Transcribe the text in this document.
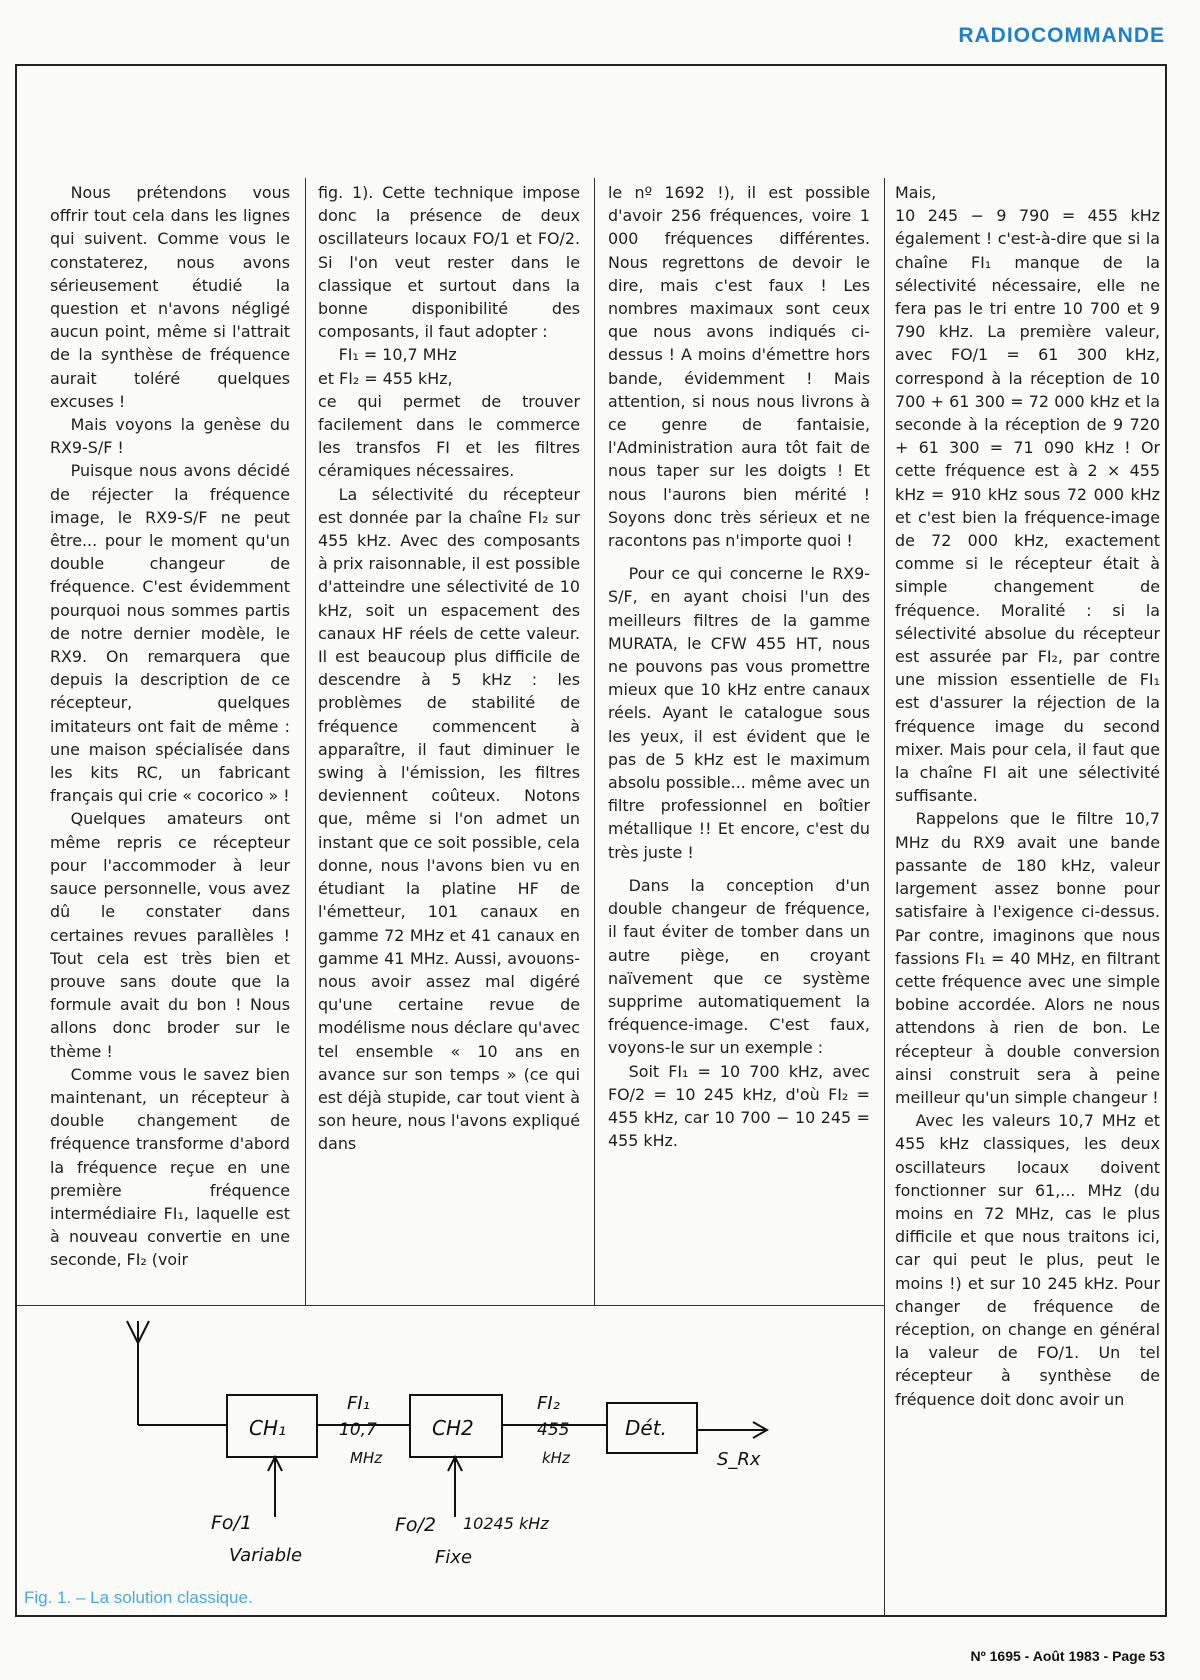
RADIOCOMMANDE

Nous prétendons vous offrir tout cela dans les lignes qui suivent. Comme vous le constaterez, nous avons sérieusement étudié la question et n'avons négligé aucun point, même si l'attrait de la synthèse de fréquence aurait toléré quelques excuses !

Mais voyons la genèse du RX9-S/F !

Puisque nous avons décidé de réjecter la fréquence image, le RX9-S/F ne peut être... pour le moment qu'un double changeur de fréquence. C'est évidemment pourquoi nous sommes partis de notre dernier modèle, le RX9. On remarquera que depuis la description de ce récepteur, quelques imitateurs ont fait de même : une maison spécialisée dans les kits RC, un fabricant français qui crie « cocorico » !

Quelques amateurs ont même repris ce récepteur pour l'accommoder à leur sauce personnelle, vous avez dû le constater dans certaines revues parallèles ! Tout cela est très bien et prouve sans doute que la formule avait du bon ! Nous allons donc broder sur le thème !

Comme vous le savez bien maintenant, un récepteur à double changement de fréquence transforme d'abord la fréquence reçue en une première fréquence intermédiaire FI₁, laquelle est à nouveau convertie en une seconde, FI₂ (voir

fig. 1). Cette technique impose donc la présence de deux oscillateurs locaux FO/1 et FO/2. Si l'on veut rester dans le classique et surtout dans la bonne disponibilité des composants, il faut adopter :

FI₁ = 10,7 MHz

et FI₂ = 455 kHz,

ce qui permet de trouver facilement dans le commerce les transfos FI et les filtres céramiques nécessaires.

La sélectivité du récepteur est donnée par la chaîne FI₂ sur 455 kHz. Avec des composants à prix raisonnable, il est possible d'atteindre une sélectivité de 10 kHz, soit un espacement des canaux HF réels de cette valeur. Il est beaucoup plus difficile de descendre à 5 kHz : les problèmes de stabilité de fréquence commencent à apparaître, il faut diminuer le swing à l'émission, les filtres deviennent coûteux. Notons que, même si l'on admet un instant que ce soit possible, cela donne, nous l'avons bien vu en étudiant la platine HF de l'émetteur, 101 canaux en gamme 72 MHz et 41 canaux en gamme 41 MHz. Aussi, avouons-nous avoir assez mal digéré qu'une certaine revue de modélisme nous déclare qu'avec tel ensemble « 10 ans en avance sur son temps » (ce qui est déjà stupide, car tout vient à son heure, nous l'avons expliqué dans

le nº 1692 !), il est possible d'avoir 256 fréquences, voire 1 000 fréquences différentes. Nous regrettons de devoir le dire, mais c'est faux ! Les nombres maximaux sont ceux que nous avons indiqués ci-dessus ! A moins d'émettre hors bande, évidemment ! Mais attention, si nous nous livrons à ce genre de fantaisie, l'Administration aura tôt fait de nous taper sur les doigts ! Et nous l'aurons bien mérité ! Soyons donc très sérieux et ne racontons pas n'importe quoi !

Pour ce qui concerne le RX9-S/F, en ayant choisi l'un des meilleurs filtres de la gamme MURATA, le CFW 455 HT, nous ne pouvons pas vous promettre mieux que 10 kHz entre canaux réels. Ayant le catalogue sous les yeux, il est évident que le pas de 5 kHz est le maximum absolu possible... même avec un filtre professionnel en boîtier métallique !! Et encore, c'est du très juste !

Dans la conception d'un double changeur de fréquence, il faut éviter de tomber dans un autre piège, en croyant naïvement que ce système supprime automatiquement la fréquence-image. C'est faux, voyons-le sur un exemple :

Soit FI₁ = 10 700 kHz, avec FO/2 = 10 245 kHz, d'où FI₂ = 455 kHz, car 10 700 − 10 245 = 455 kHz.

Mais,

10 245 − 9 790 = 455 kHz également ! c'est-à-dire que si la chaîne FI₁ manque de la sélectivité nécessaire, elle ne fera pas le tri entre 10 700 et 9 790 kHz. La première valeur, avec FO/1 = 61 300 kHz, correspond à la réception de 10 700 + 61 300 = 72 000 kHz et la seconde à la réception de 9 720 + 61 300 = 71 090 kHz ! Or cette fréquence est à 2 × 455 kHz = 910 kHz sous 72 000 kHz et c'est bien la fréquence-image de 72 000 kHz, exactement comme si le récepteur était à simple changement de fréquence. Moralité : si la sélectivité absolue du récepteur est assurée par FI₂, par contre une mission essentielle de FI₁ est d'assurer la réjection de la fréquence image du second mixer. Mais pour cela, il faut que la chaîne FI ait une sélectivité suffisante.

Rappelons que le filtre 10,7 MHz du RX9 avait une bande passante de 180 kHz, valeur largement assez bonne pour satisfaire à l'exigence ci-dessus. Par contre, imaginons que nous fassions FI₁ = 40 MHz, en filtrant cette fréquence avec une simple bobine accordée. Alors ne nous attendons à rien de bon. Le récepteur à double conversion ainsi construit sera à peine meilleur qu'un simple changeur !

Avec les valeurs 10,7 MHz et 455 kHz classiques, les deux oscillateurs locaux doivent fonctionner sur 61,... MHz (du moins en 72 MHz, cas le plus difficile et que nous traitons ici, car qui peut le plus, peut le moins !) et sur 10 245 kHz. Pour changer de fréquence de réception, on change en général la valeur de FO/1. Un tel récepteur à synthèse de fréquence doit donc avoir un

CH₁
FI₁
10,7
MHz
CH2
FI₂
455
kHz
Dét.
S_Rx
Fo/1
Variable
Fo/2 10245 kHz
Fixe
Fig. 1. – La solution classique.
Nº 1695 - Août 1983 - Page 53
